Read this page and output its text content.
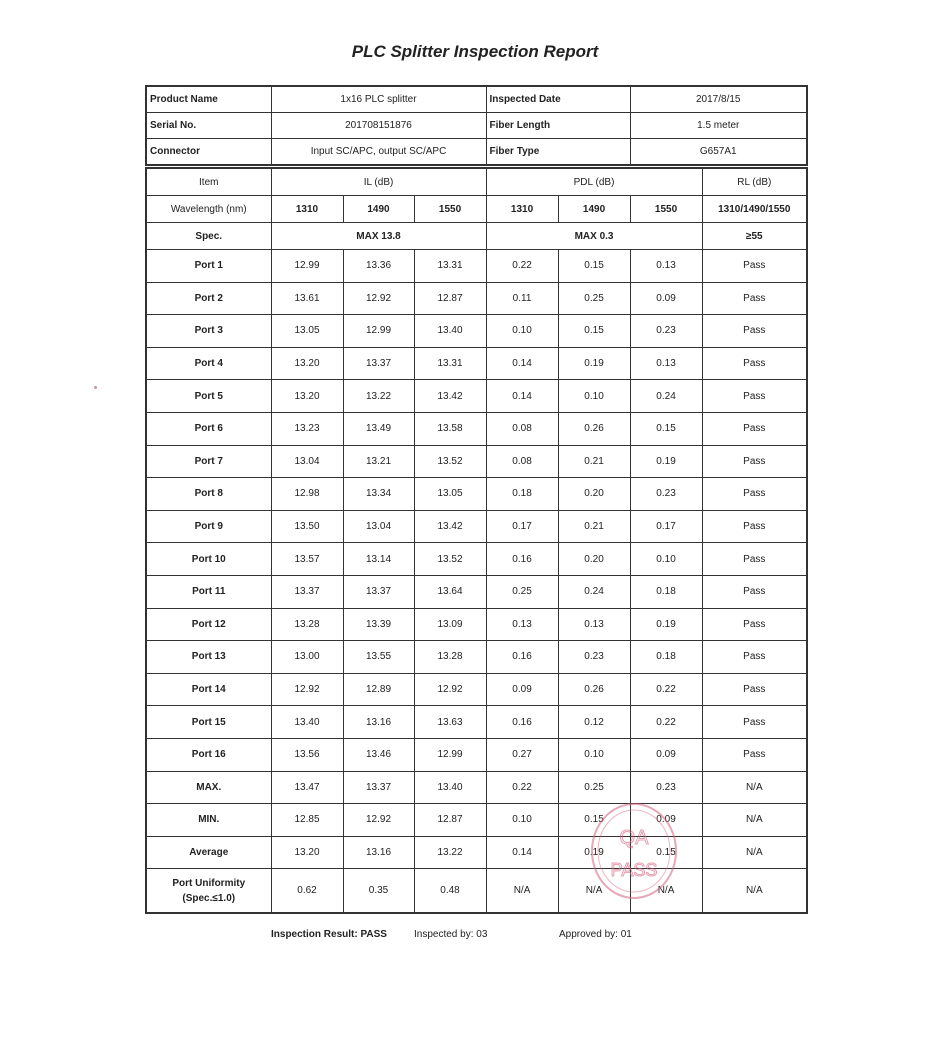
PLC Splitter Inspection Report
Product Name	1x16 PLC splitter	Inspected Date	2017/8/15
Serial No.	201708151876	Fiber Length	1.5 meter
Connector	Input SC/APC, output SC/APC	Fiber Type	G657A1
Item	IL (dB)			PDL (dB)			RL (dB)
Wavelength (nm)	1310	1490	1550	1310	1490	1550	1310/1490/1550
Spec.	MAX 13.8			MAX 0.3			≥55
Port 1	12.99	13.36	13.31	0.22	0.15	0.13	Pass
Port 2	13.61	12.92	12.87	0.11	0.25	0.09	Pass
Port 3	13.05	12.99	13.40	0.10	0.15	0.23	Pass
Port 4	13.20	13.37	13.31	0.14	0.19	0.13	Pass
Port 5	13.20	13.22	13.42	0.14	0.10	0.24	Pass
Port 6	13.23	13.49	13.58	0.08	0.26	0.15	Pass
Port 7	13.04	13.21	13.52	0.08	0.21	0.19	Pass
Port 8	12.98	13.34	13.05	0.18	0.20	0.23	Pass
Port 9	13.50	13.04	13.42	0.17	0.21	0.17	Pass
Port 10	13.57	13.14	13.52	0.16	0.20	0.10	Pass
Port 11	13.37	13.37	13.64	0.25	0.24	0.18	Pass
Port 12	13.28	13.39	13.09	0.13	0.13	0.19	Pass
Port 13	13.00	13.55	13.28	0.16	0.23	0.18	Pass
Port 14	12.92	12.89	12.92	0.09	0.26	0.22	Pass
Port 15	13.40	13.16	13.63	0.16	0.12	0.22	Pass
Port 16	13.56	13.46	12.99	0.27	0.10	0.09	Pass
MAX.	13.47	13.37	13.40	0.22	0.25	0.23	N/A
MIN.	12.85	12.92	12.87	0.10	0.15	0.09	N/A
Average	13.20	13.16	13.22	0.14	0.19	0.15	N/A

Port Uniformity
(Spec.≤1.0)	0.62	0.35	0.48	N/A	N/A	N/A	N/A
QA
PASS
Inspection Result: PASS	Inspected by: 03	Approved by: 01
